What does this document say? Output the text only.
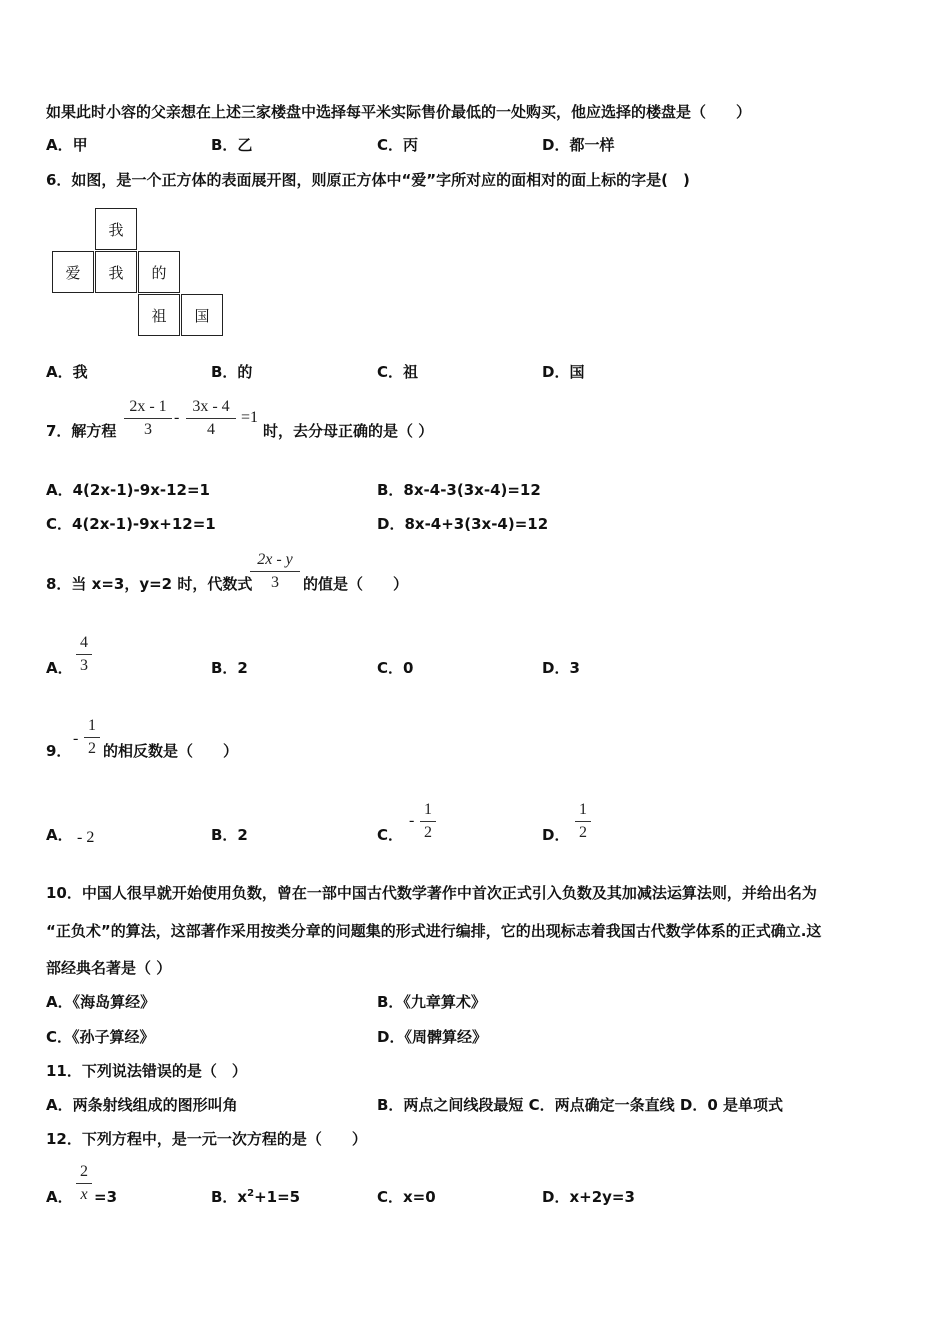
如果此时小容的父亲想在上述三家楼盘中选择每平米实际售价最低的一处购买，他应选择的楼盘是（　　）
A．甲	B．乙	C．丙	D．都一样
6．如图，是一个正方体的表面展开图，则原正方体中“爱”字所对应的面相对的面上标的字是(　)
我
爱	我	的
祖	国
A．我	B．的	C．祖	D．国
7．解方程
2x - 1
3
-
3x - 4
4
=1
时，去分母正确的是（ ）
A．4(2x-1)-9x-12=1	B．8x-4-3(3x-4)=12
C．4(2x-1)-9x+12=1	D．8x-4+3(3x-4)=12
8．当 x=3，y=2 时，代数式
2x - y
3	的值是（　　）
A．
4
3	B．2	C．0	D．3
9．
-
1
2 的相反数是（　　）
A． - 2	B．2	C．
-
1
2	D．
1
2
10．中国人很早就开始使用负数，曾在一部中国古代数学著作中首次正式引入负数及其加减法运算法则，并给出名为
“正负术”的算法，这部著作采用按类分章的问题集的形式进行编排，它的出现标志着我国古代数学体系的正式确立.这
部经典名著是（ ）
A．《海岛算经》	B．《九章算术》
C．《孙子算经》	D．《周髀算经》
11．下列说法错误的是（　）
A．两条射线组成的图形叫角	B．两点之间线段最短 C．两点确定一条直线 D．0 是单项式
12．下列方程中，是一元一次方程的是（　　）
A．
2
x =3	B．$x^2+1=5$	C．x=0	D．x+2y=3
